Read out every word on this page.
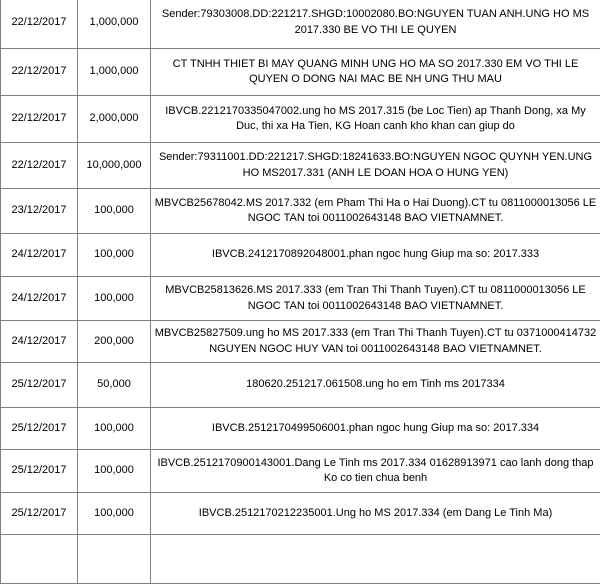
22/12/2017	1,000,000	Sender:79303008.DD:221217.SHGD:10002080.BO:NGUYEN TUAN ANH.UNG HO MS 2017.330 BE VO THI LE QUYEN
22/12/2017	1,000,000	CT TNHH THIET BI MAY QUANG MINH UNG HO MA SO 2017.330 EM VO THI LE QUYEN O DONG NAI MAC BE NH UNG THU MAU
22/12/2017	2,000,000	IBVCB.2212170335047002.ung ho MS 2017.315 (be Loc Tien) ap Thanh Dong, xa My Duc, thi xa Ha Tien, KG Hoan canh kho khan can giup do
22/12/2017	10,000,000	Sender:79311001.DD:221217.SHGD:18241633.BO:NGUYEN NGOC QUYNH YEN.UNG HO MS2017.331 (ANH LE DOAN HOA O HUNG YEN)
23/12/2017	100,000	MBVCB25678042.MS 2017.332 (em Pham Thi Ha o Hai Duong).CT tu 0811000013056 LE NGOC TAN toi 0011002643148 BAO VIETNAMNET.
24/12/2017	100,000	IBVCB.2412170892048001.phan ngoc hung Giup ma so: 2017.333
24/12/2017	100,000	MBVCB25813626.MS 2017.333 (em Tran Thi Thanh Tuyen).CT tu 0811000013056 LE NGOC TAN toi 0011002643148 BAO VIETNAMNET.
24/12/2017	200,000	MBVCB25827509.ung ho MS 2017.333 (em Tran Thi Thanh Tuyen).CT tu 0371000414732 NGUYEN NGOC HUY VAN toi 0011002643148 BAO VIETNAMNET.
25/12/2017	50,000	180620.251217.061508.ung ho em Tinh ms 2017334
25/12/2017	100,000	IBVCB.2512170499506001.phan ngoc hung Giup ma so: 2017.334
25/12/2017	100,000	IBVCB.2512170900143001.Dang Le Tinh ms 2017.334 01628913971 cao lanh dong thap Ko co tien chua benh
25/12/2017	100,000	IBVCB.2512170212235001.Ung ho MS 2017.334 (em Dang Le Tinh Ma)
